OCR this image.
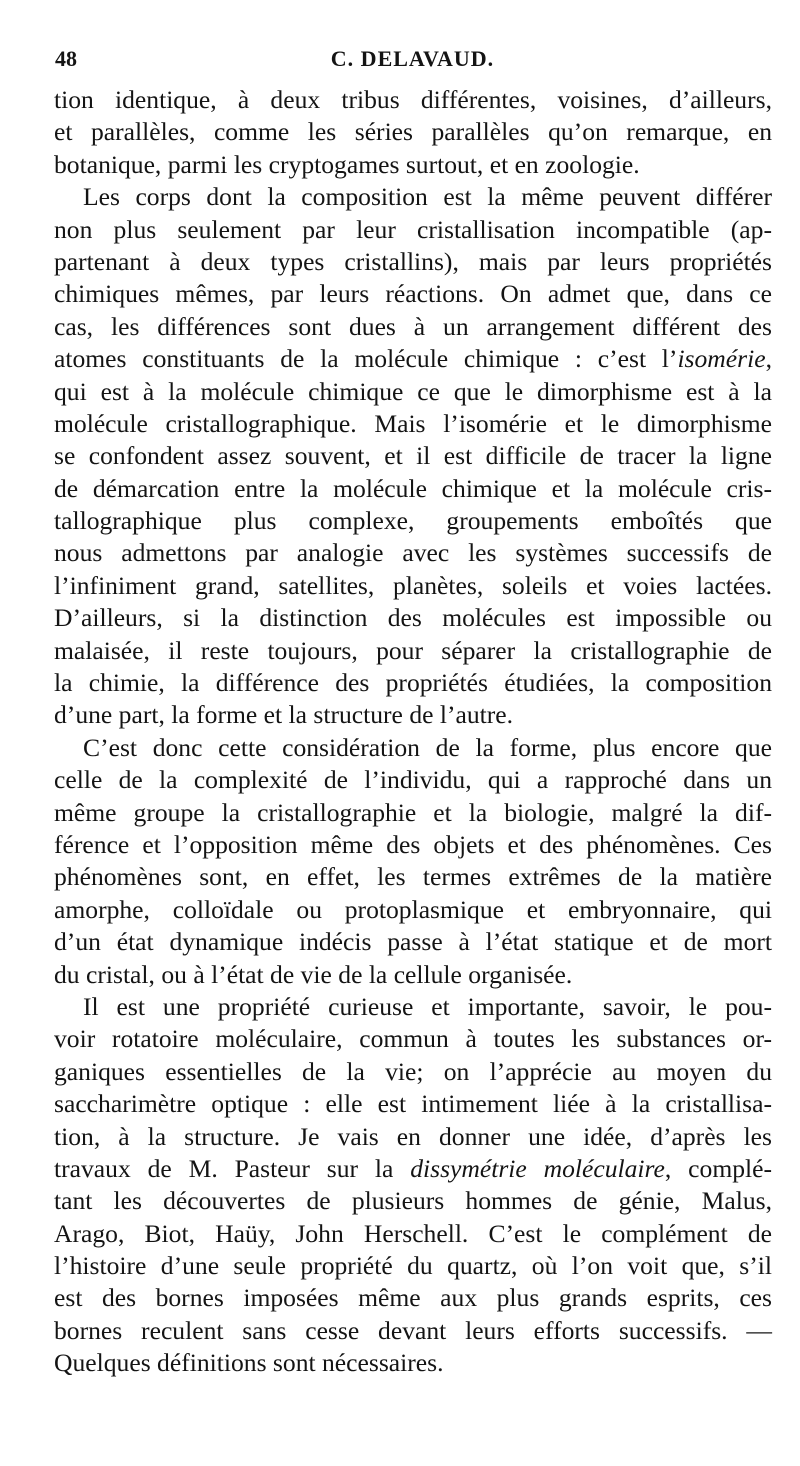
48	C. DELAVAUD.
tion identique, à deux tribus différentes, voisines, d’ailleurs,
et parallèles, comme les séries parallèles qu’on remarque, en
botanique, parmi les cryptogames surtout, et en zoologie.
Les corps dont la composition est la même peuvent différer
non plus seulement par leur cristallisation incompatible (ap-
partenant à deux types cristallins), mais par leurs propriétés
chimiques mêmes, par leurs réactions. On admet que, dans ce
cas, les différences sont dues à un arrangement différent des
atomes constituants de la molécule chimique : c’est l’isomérie,
qui est à la molécule chimique ce que le dimorphisme est à la
molécule cristallographique. Mais l’isomérie et le dimorphisme
se confondent assez souvent, et il est difficile de tracer la ligne
de démarcation entre la molécule chimique et la molécule cris-
tallographique plus complexe, groupements emboîtés que
nous admettons par analogie avec les systèmes successifs de
l’infiniment grand, satellites, planètes, soleils et voies lactées.
D’ailleurs, si la distinction des molécules est impossible ou
malaisée, il reste toujours, pour séparer la cristallographie de
la chimie, la différence des propriétés étudiées, la composition
d’une part, la forme et la structure de l’autre.
C’est donc cette considération de la forme, plus encore que
celle de la complexité de l’individu, qui a rapproché dans un
même groupe la cristallographie et la biologie, malgré la dif-
férence et l’opposition même des objets et des phénomènes. Ces
phénomènes sont, en effet, les termes extrêmes de la matière
amorphe, colloïdale ou protoplasmique et embryonnaire, qui
d’un état dynamique indécis passe à l’état statique et de mort
du cristal, ou à l’état de vie de la cellule organisée.
Il est une propriété curieuse et importante, savoir, le pou-
voir rotatoire moléculaire, commun à toutes les substances or-
ganiques essentielles de la vie; on l’apprécie au moyen du
saccharimètre optique : elle est intimement liée à la cristallisa-
tion, à la structure. Je vais en donner une idée, d’après les
travaux de M. Pasteur sur la dissymétrie moléculaire, complé-
tant les découvertes de plusieurs hommes de génie, Malus,
Arago, Biot, Haüy, John Herschell. C’est le complément de
l’histoire d’une seule propriété du quartz, où l’on voit que, s’il
est des bornes imposées même aux plus grands esprits, ces
bornes reculent sans cesse devant leurs efforts successifs. —
Quelques définitions sont nécessaires.
